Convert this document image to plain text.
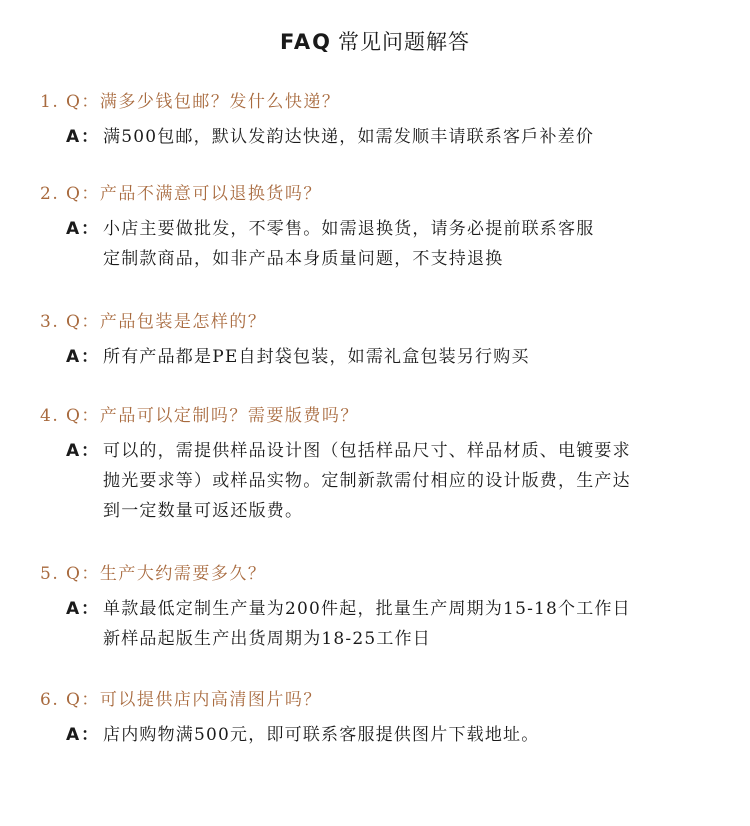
FAQ 常见问题解答
1. Q：满多少钱包邮？发什么快递？
A： 满500包邮，默认发韵达快递，如需发顺丰请联系客戶补差价
2. Q：产品不满意可以退换货吗？
A： 小店主要做批发，不零售。如需退换货，请务必提前联系客服
定制款商品，如非产品本身质量问题，不支持退换
3. Q：产品包装是怎样的？
A： 所有产品都是PE自封袋包装，如需礼盒包装另行购买
4. Q：产品可以定制吗？需要版费吗？
A： 可以的，需提供样品设计图（包括样品尺寸、样品材质、电镀要求
抛光要求等）或样品实物。定制新款需付相应的设计版费，生产达
到一定数量可返还版费。
5. Q：生产大约需要多久？
A： 单款最低定制生产量为200件起，批量生产周期为15-18个工作日
新样品起版生产出货周期为18-25工作日
6. Q：可以提供店内高清图片吗？
A： 店内购物满500元，即可联系客服提供图片下载地址。
